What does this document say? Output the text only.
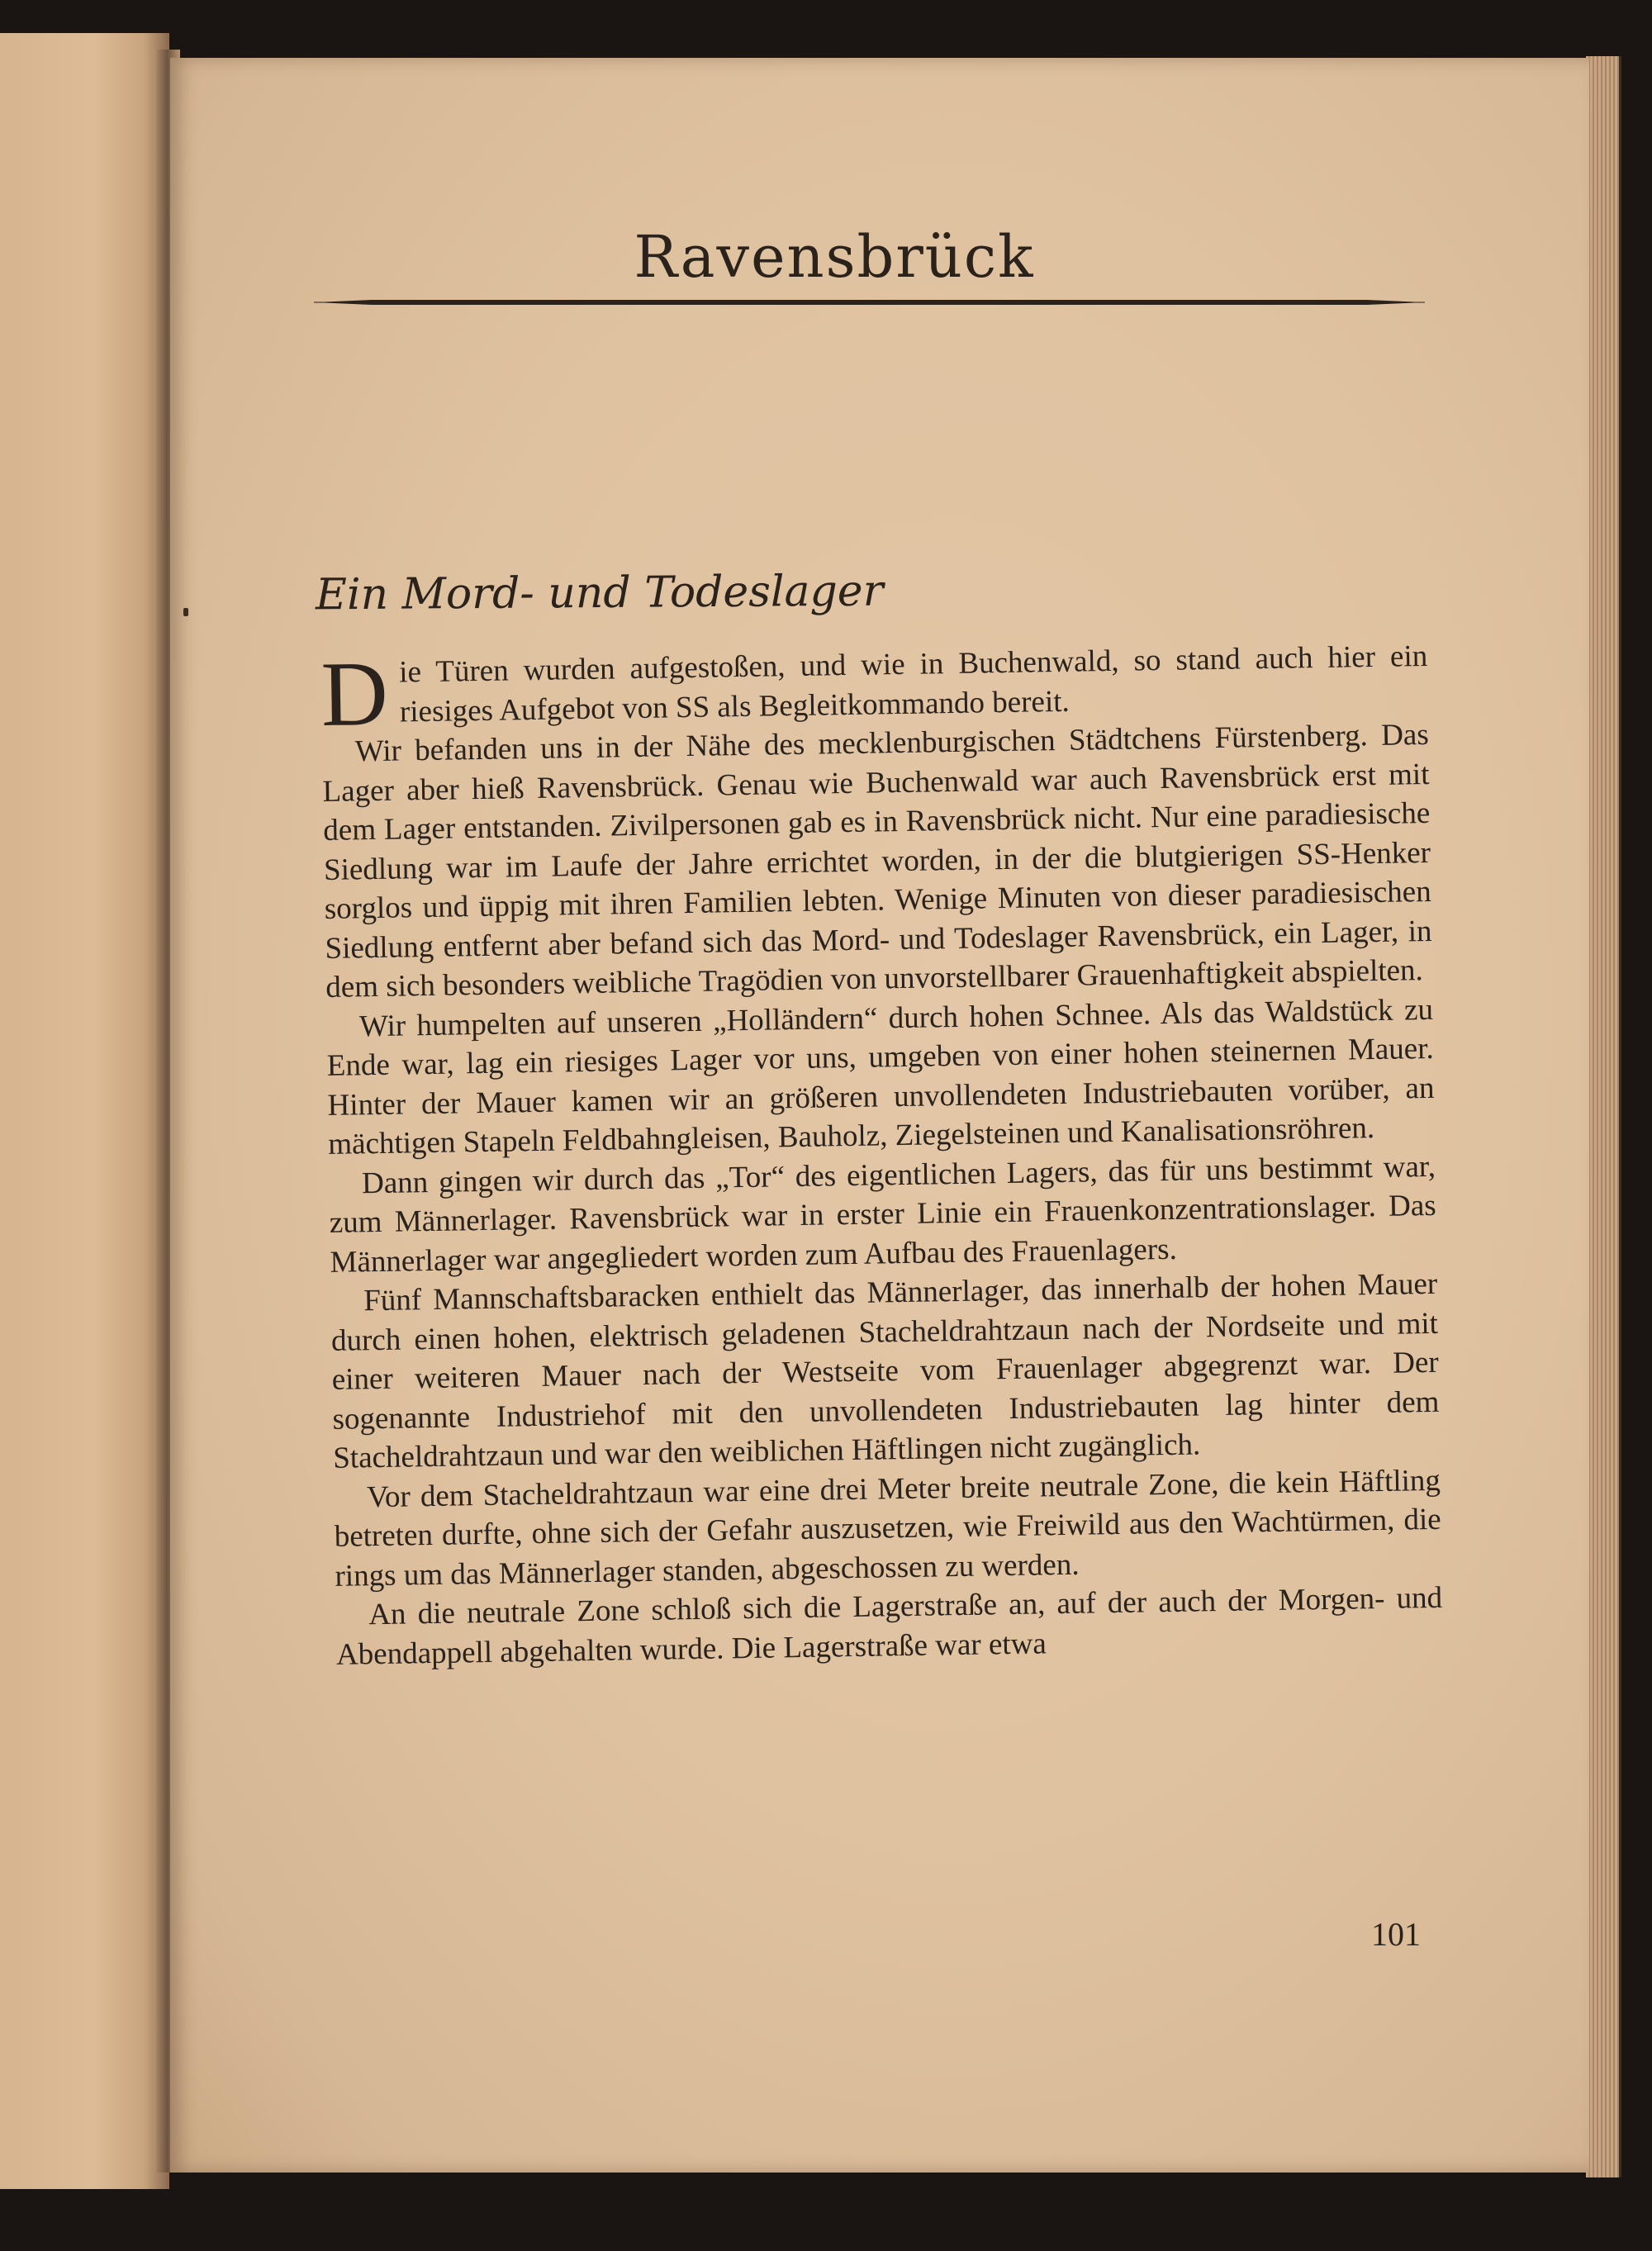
Ravensbrück
Ein Mord- und Todeslager

Die Türen wurden aufgestoßen, und wie in Buchenwald, so stand auch hier ein riesiges Aufgebot von SS als Begleitkommando bereit.

Wir befanden uns in der Nähe des mecklenburgischen Städtchens Fürstenberg. Das Lager aber hieß Ravensbrück. Genau wie Buchenwald war auch Ravensbrück erst mit dem Lager entstanden. Zivilpersonen gab es in Ravensbrück nicht. Nur eine paradiesische Siedlung war im Laufe der Jahre errichtet worden, in der die blutgierigen SS-Henker sorglos und üppig mit ihren Familien lebten. Wenige Minuten von dieser paradiesischen Siedlung entfernt aber befand sich das Mord- und Todeslager Ravensbrück, ein Lager, in dem sich besonders weibliche Tragödien von unvorstellbarer Grauenhaftigkeit abspielten.

Wir humpelten auf unseren „Holländern“ durch hohen Schnee. Als das Waldstück zu Ende war, lag ein riesiges Lager vor uns, umgeben von einer hohen steinernen Mauer. Hinter der Mauer kamen wir an größeren unvollendeten Industriebauten vorüber, an mächtigen Stapeln Feldbahngleisen, Bauholz, Ziegelsteinen und Kanalisationsröhren.

Dann gingen wir durch das „Tor“ des eigentlichen Lagers, das für uns bestimmt war, zum Männerlager. Ravensbrück war in erster Linie ein Frauenkonzentrationslager. Das Männerlager war angegliedert worden zum Aufbau des Frauenlagers.

Fünf Mannschaftsbaracken enthielt das Männerlager, das innerhalb der hohen Mauer durch einen hohen, elektrisch geladenen Stacheldrahtzaun nach der Nordseite und mit einer weiteren Mauer nach der Westseite vom Frauenlager abgegrenzt war. Der sogenannte Industriehof mit den unvollendeten Industriebauten lag hinter dem Stacheldrahtzaun und war den weiblichen Häftlingen nicht zugänglich.

Vor dem Stacheldrahtzaun war eine drei Meter breite neutrale Zone, die kein Häftling betreten durfte, ohne sich der Gefahr auszusetzen, wie Freiwild aus den Wachtürmen, die rings um das Männerlager standen, abgeschossen zu werden.

An die neutrale Zone schloß sich die Lagerstraße an, auf der auch der Morgen- und Abendappell abgehalten wurde. Die Lagerstraße war etwa

101
